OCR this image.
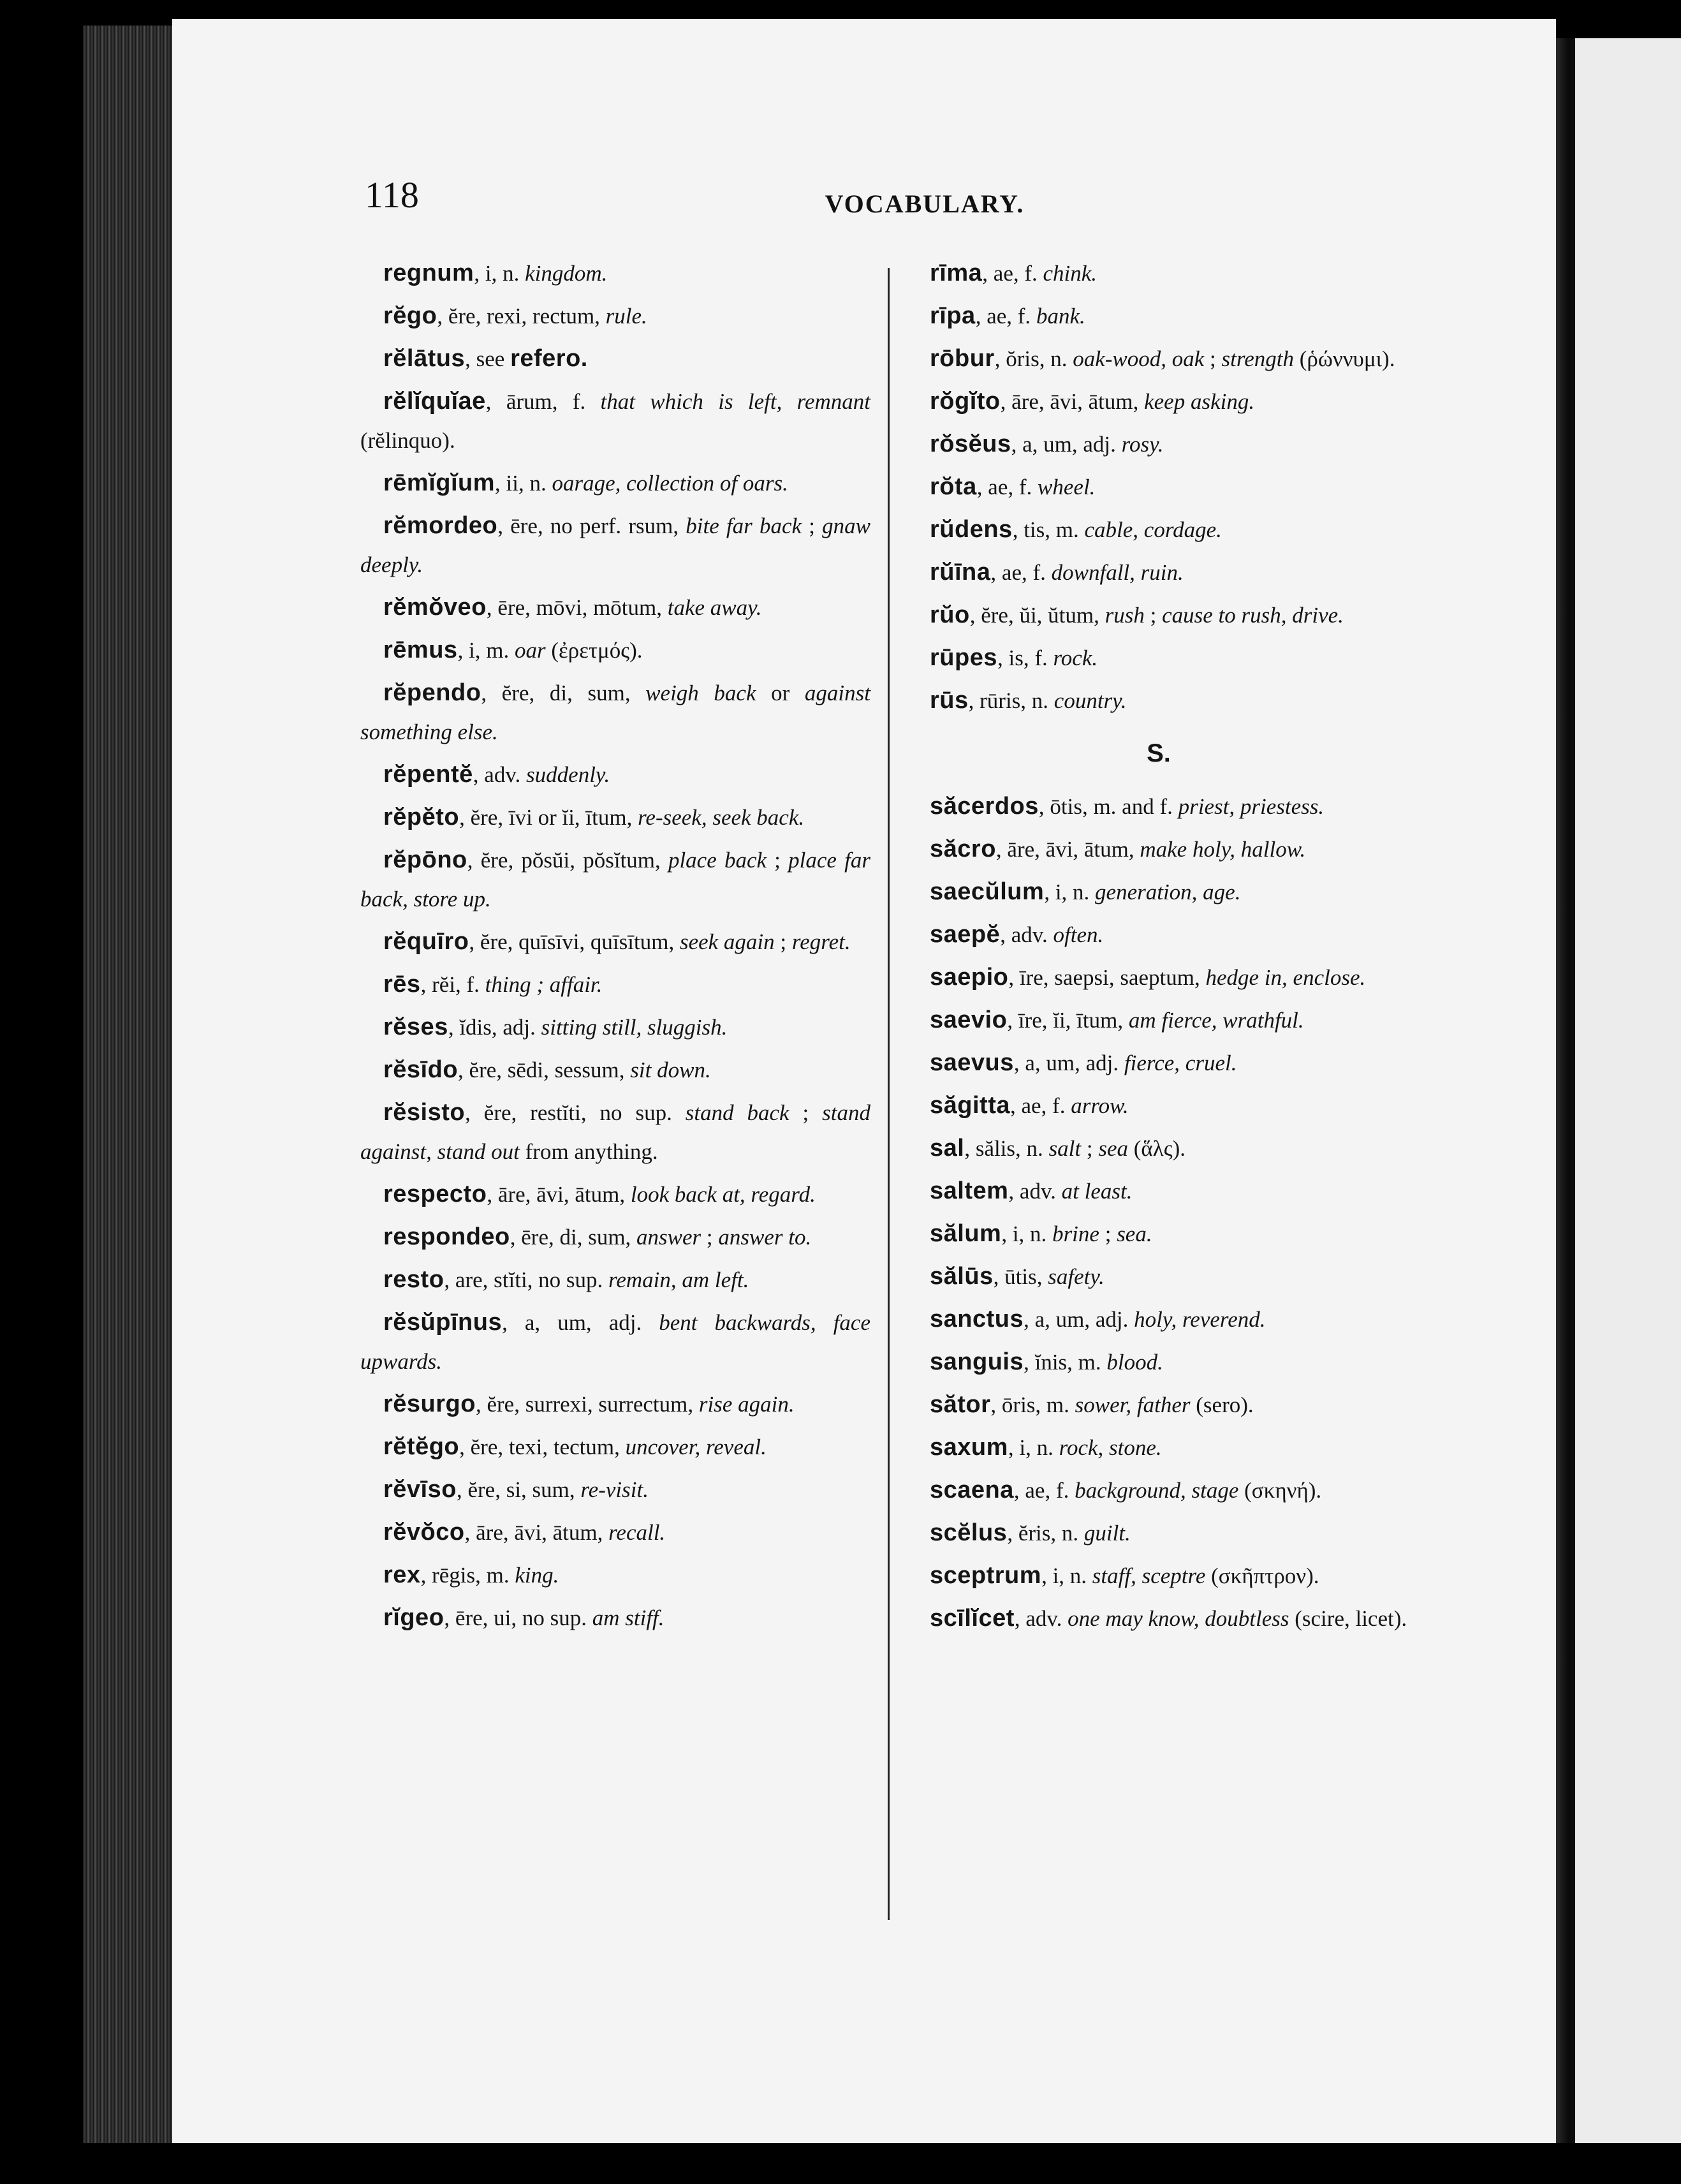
118	VOCABULARY.
regnum, i, n. kingdom.
rĕgo, ĕre, rexi, rectum, rule.
rĕlātus, see refero.
rĕlĭquĭae, ārum, f. that which is left, remnant (rĕlinquo).
rēmĭgĭum, ii, n. oarage, collection of oars.
rĕmordeo, ēre, no perf. rsum, bite far back ; gnaw deeply.
rĕmŏveo, ēre, mōvi, mōtum, take away.
rēmus, i, m. oar (ἐρετμός).
rĕpendo, ĕre, di, sum, weigh back or against something else.
rĕpentĕ, adv. suddenly.
rĕpĕto, ĕre, īvi or ĭi, ītum, re-seek, seek back.
rĕpōno, ĕre, pŏsŭi, pŏsĭtum, place back ; place far back, store up.
rĕquīro, ĕre, quīsīvi, quīsītum, seek again ; regret.
rēs, rĕi, f. thing ; affair.
rĕses, ĭdis, adj. sitting still, sluggish.
rĕsīdo, ĕre, sēdi, sessum, sit down.
rĕsisto, ĕre, restĭti, no sup. stand back ; stand against, stand out from anything.
respecto, āre, āvi, ātum, look back at, regard.
respondeo, ēre, di, sum, answer ; answer to.
resto, are, stĭti, no sup. remain, am left.
rĕsŭpīnus, a, um, adj. bent backwards, face upwards.
rĕsurgo, ĕre, surrexi, surrectum, rise again.
rĕtĕgo, ĕre, texi, tectum, uncover, reveal.
rĕvīso, ĕre, si, sum, re-visit.
rĕvŏco, āre, āvi, ātum, recall.
rex, rēgis, m. king.
rĭgeo, ēre, ui, no sup. am stiff.
rīma, ae, f. chink.
rīpa, ae, f. bank.
rōbur, ŏris, n. oak-wood, oak ; strength (ῥώννυμι).
rŏgĭto, āre, āvi, ātum, keep asking.
rŏsĕus, a, um, adj. rosy.
rŏta, ae, f. wheel.
rŭdens, tis, m. cable, cordage.
rŭīna, ae, f. downfall, ruin.
rŭo, ĕre, ŭi, ŭtum, rush ; cause to rush, drive.
rūpes, is, f. rock.
rūs, rūris, n. country.
S.
săcerdos, ōtis, m. and f. priest, priestess.
săcro, āre, āvi, ātum, make holy, hallow.
saecŭlum, i, n. generation, age.
saepĕ, adv. often.
saepio, īre, saepsi, saeptum, hedge in, enclose.
saevio, īre, ĭi, ītum, am fierce, wrathful.
saevus, a, um, adj. fierce, cruel.
săgitta, ae, f. arrow.
sal, sălis, n. salt ; sea (ἅλς).
saltem, adv. at least.
sălum, i, n. brine ; sea.
sălūs, ūtis, safety.
sanctus, a, um, adj. holy, reverend.
sanguis, ĭnis, m. blood.
sător, ōris, m. sower, father (sero).
saxum, i, n. rock, stone.
scaena, ae, f. background, stage (σκηνή).
scĕlus, ĕris, n. guilt.
sceptrum, i, n. staff, sceptre (σκῆπτρον).
scīlĭcet, adv. one may know, doubtless (scire, licet).
